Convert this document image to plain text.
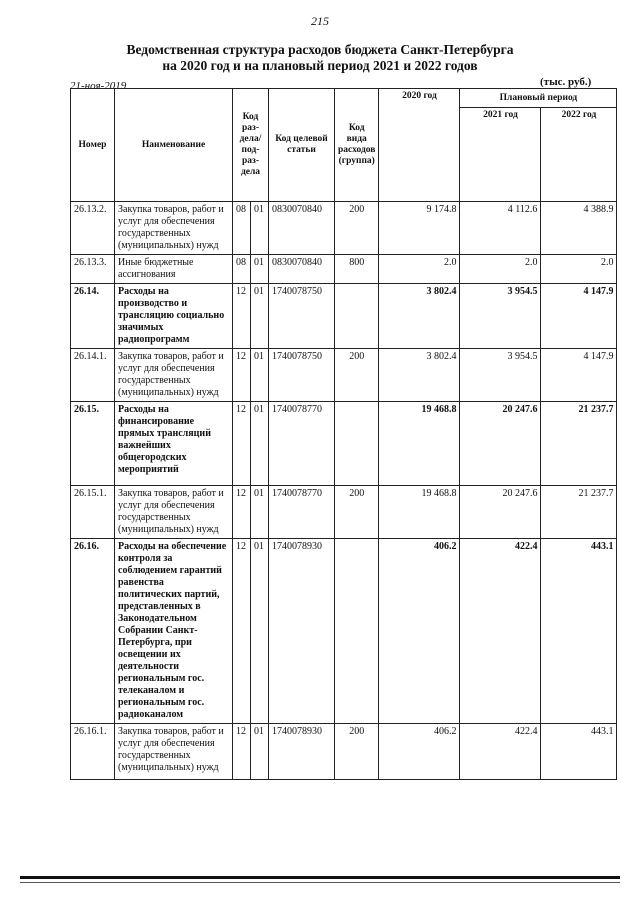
215
Ведомственная структура расходов бюджета Санкт-Петербурга
на 2020 год и на плановый период 2021 и 2022 годов
21-ноя-2019	(тыс. руб.)
Номер	Наименование	Код раз-дела/ под-раз-дела		Код целевой статьи	Код вида расходов (группа)	2020 год	Плановый период	
							2021 год	2022 год
26.13.2.	Закупка товаров, работ и услуг для обеспечения государственных (муниципальных) нужд	08	01	0830070840	200	9 174.8	4 112.6	4 388.9
26.13.3.	Иные бюджетные ассигнования	08	01	0830070840	800	2.0	2.0	2.0
26.14.	Расходы на производство и трансляцию социально значимых радиопрограмм	12	01	1740078750		3 802.4	3 954.5	4 147.9
26.14.1.	Закупка товаров, работ и услуг для обеспечения государственных (муниципальных) нужд	12	01	1740078750	200	3 802.4	3 954.5	4 147.9
26.15.	Расходы на финансирование прямых трансляций важнейших общегородских мероприятий	12	01	1740078770		19 468.8	20 247.6	21 237.7
26.15.1.	Закупка товаров, работ и услуг для обеспечения государственных (муниципальных) нужд	12	01	1740078770	200	19 468.8	20 247.6	21 237.7
26.16.	Расходы на обеспечение контроля за соблюдением гарантий равенства политических партий, представленных в Законодательном Собрании Санкт-Петербурга, при освещении их деятельности региональным гос. телеканалом и региональным гос. радиоканалом	12	01	1740078930		406.2	422.4	443.1
26.16.1.	Закупка товаров, работ и услуг для обеспечения государственных (муниципальных) нужд	12	01	1740078930	200	406.2	422.4	443.1
